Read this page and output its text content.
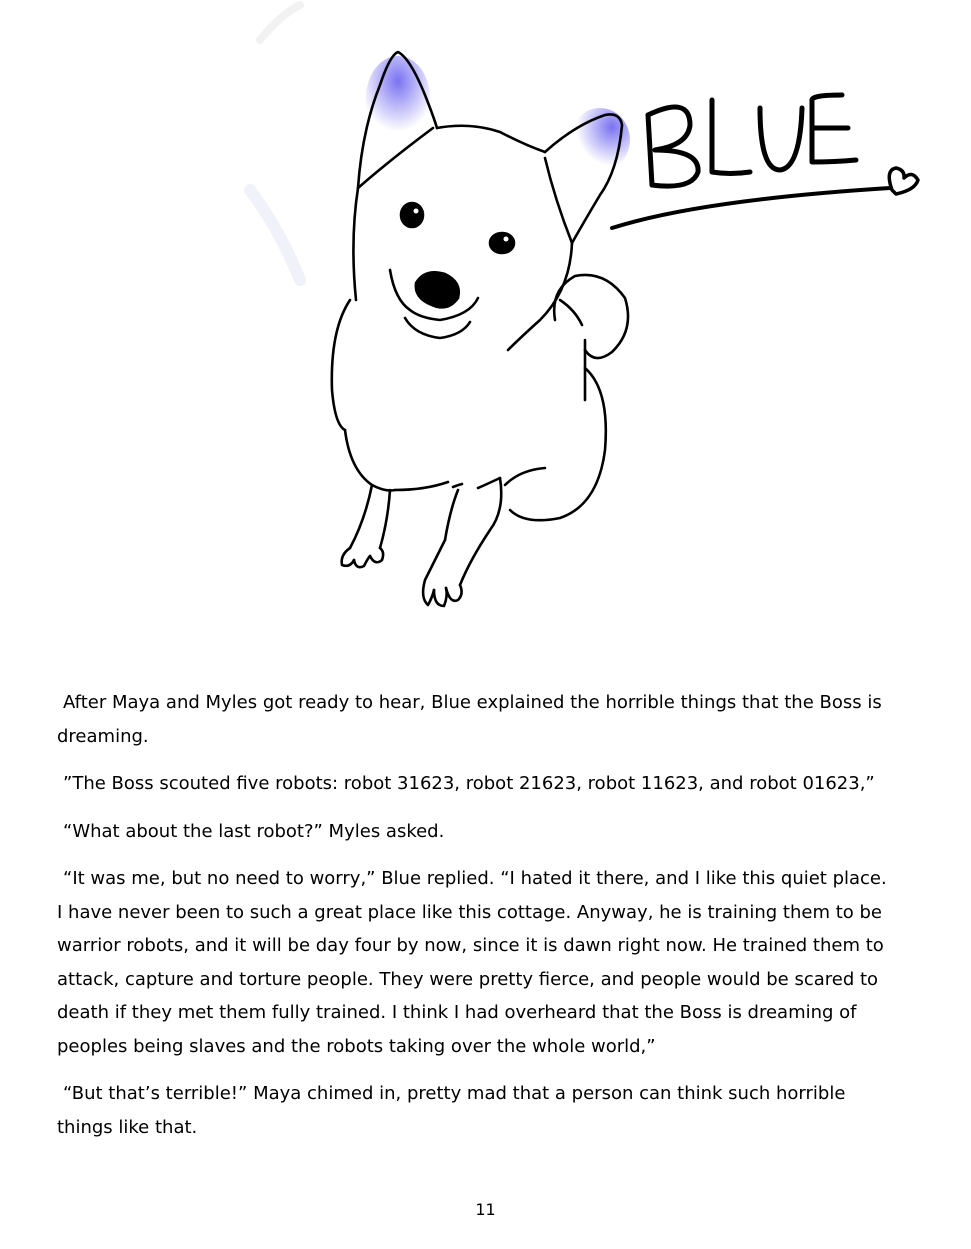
After Maya and Myles got ready to hear, Blue explained the horrible things that the Boss is dreaming.

”The Boss scouted five robots: robot 31623, robot 21623, robot 11623, and robot 01623,”

“What about the last robot?” Myles asked.

“It was me, but no need to worry,” Blue replied. “I hated it there, and I like this quiet place. I have never been to such a great place like this cottage. Anyway, he is training them to be warrior robots, and it will be day four by now, since it is dawn right now. He trained them to attack, capture and torture people. They were pretty fierce, and people would be scared to death if they met them fully trained. I think I had overheard that the Boss is dreaming of peoples being slaves and the robots taking over the whole world,”

“But that’s terrible!” Maya chimed in, pretty mad that a person can think such horrible things like that.

11
